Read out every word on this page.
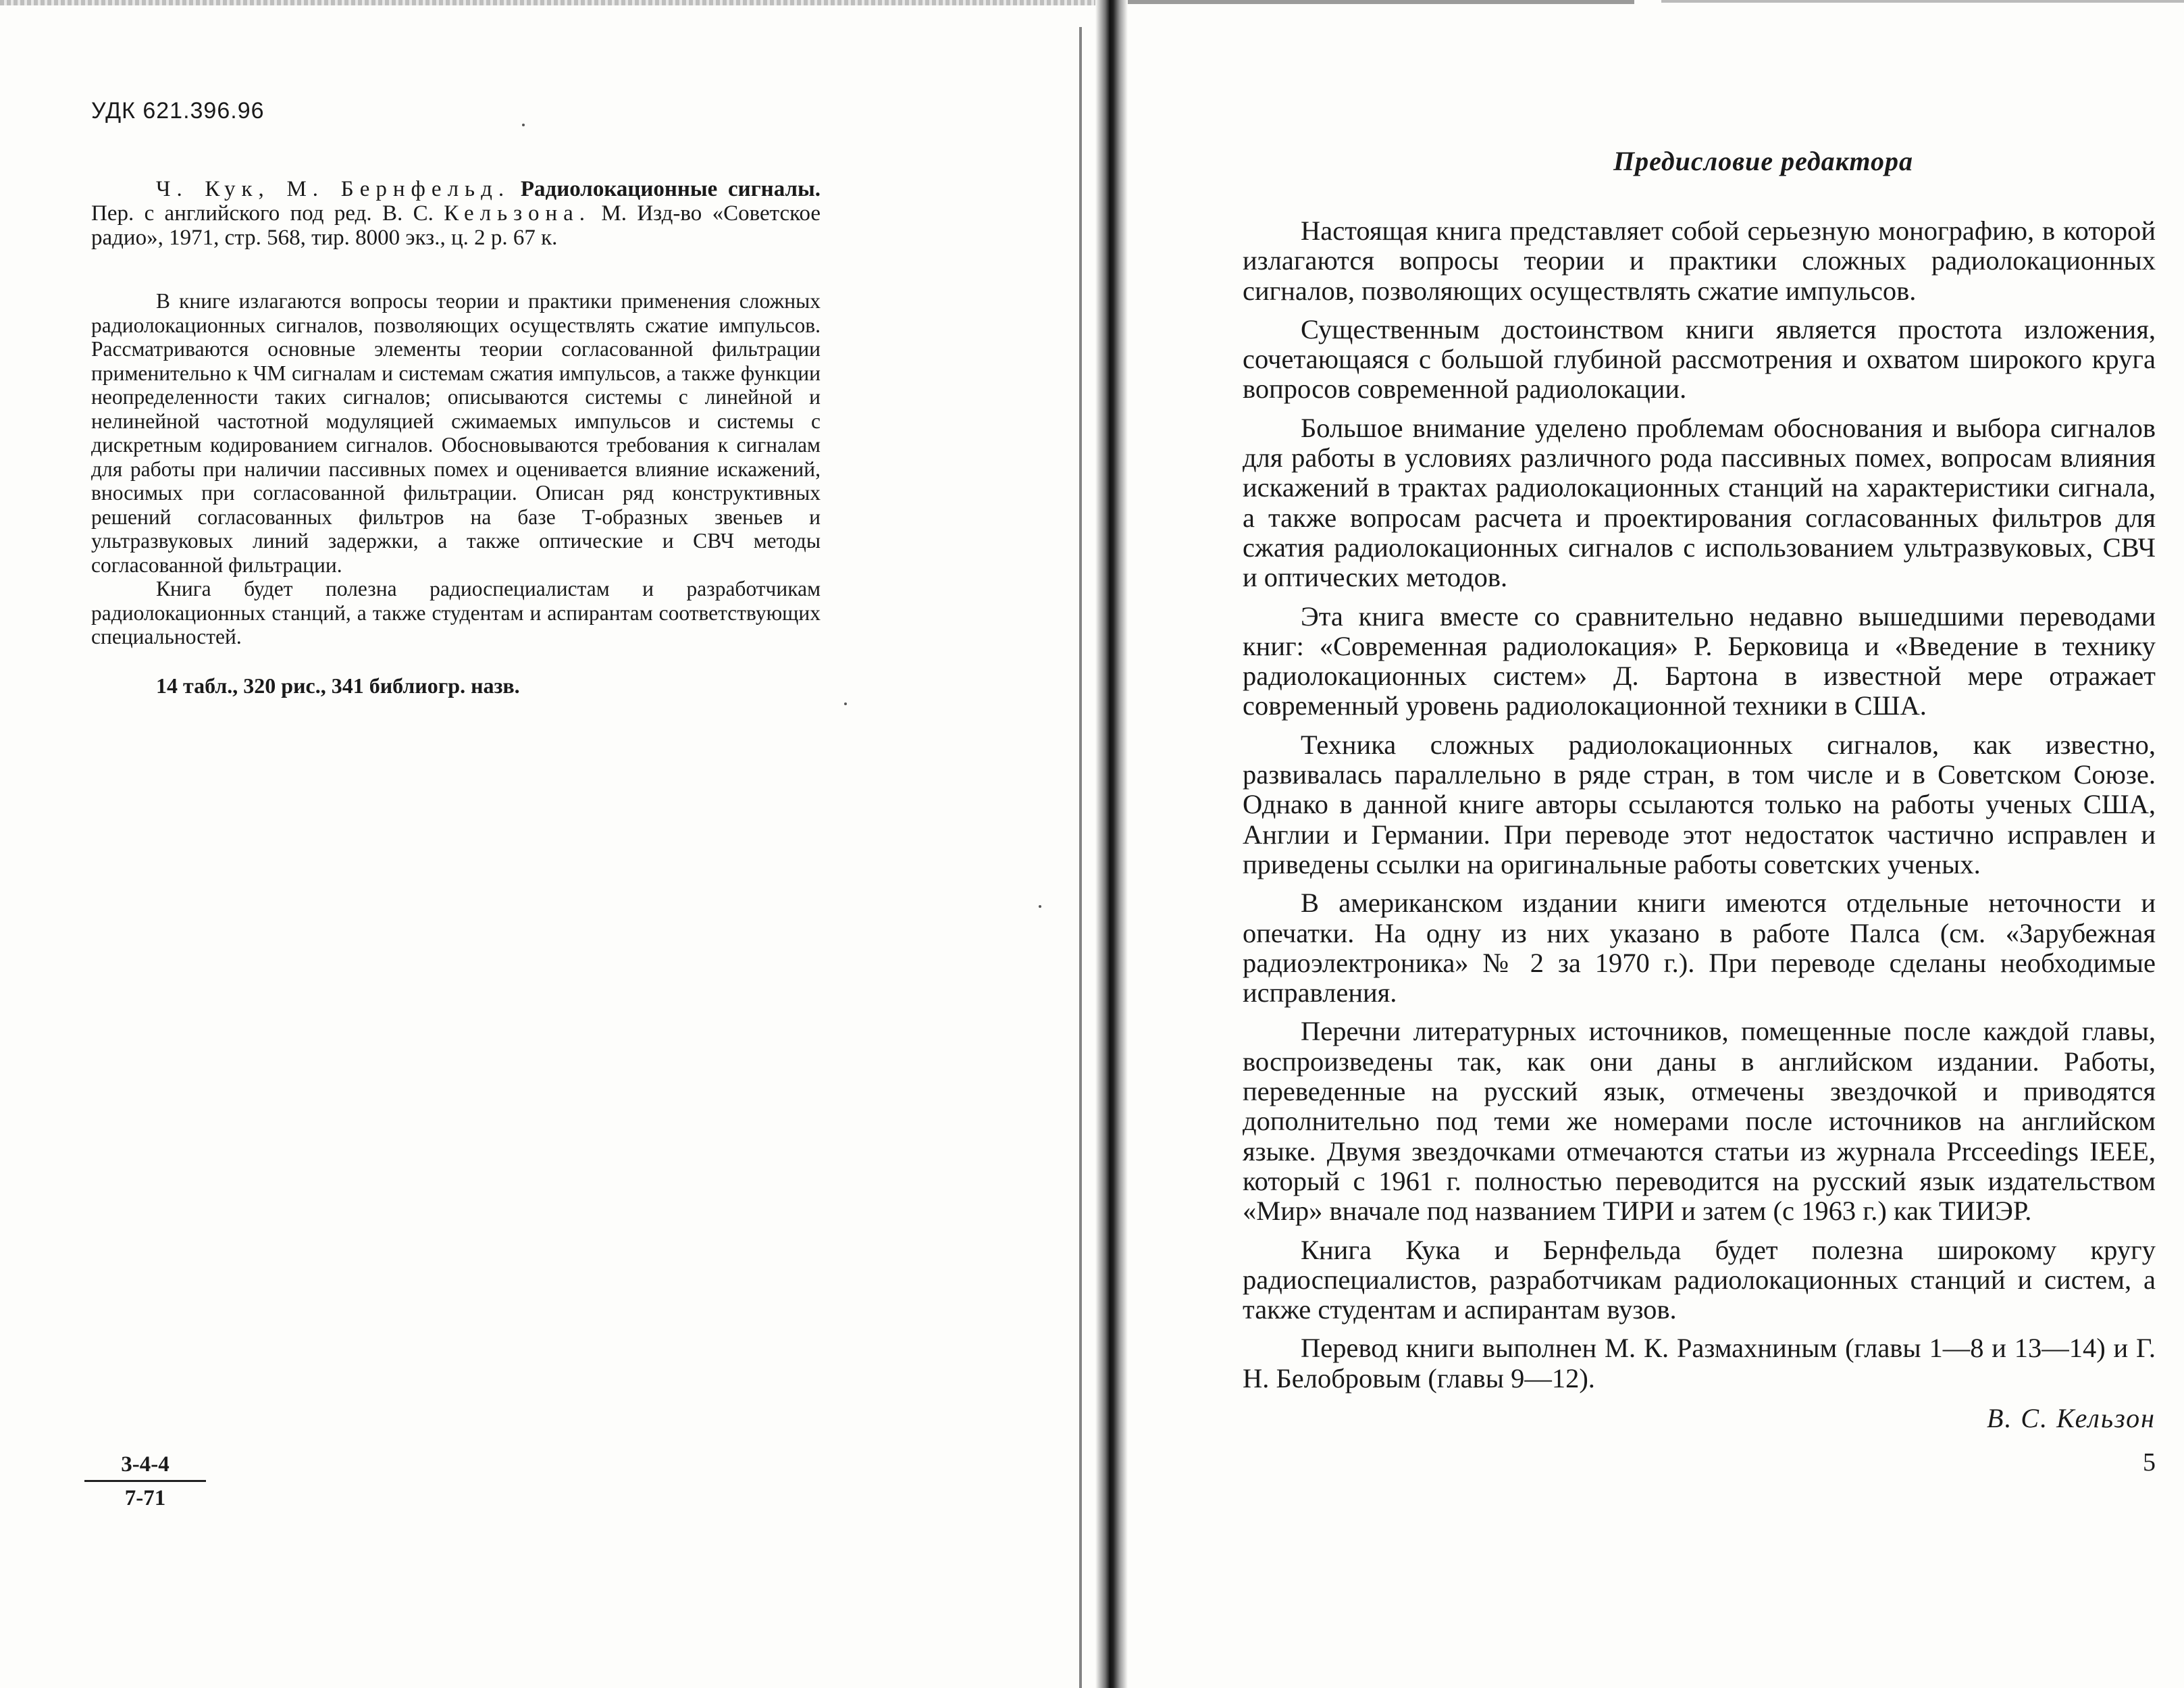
УДК 621.396.96

Ч. Кук, М. Бернфельд. Радиолокационные сигналы. Пер. с английского под ред. В. С. Кельзона. М. Изд-во «Советское радио», 1971, стр. 568, тир. 8000 экз., ц. 2 р. 67 к.

В книге излагаются вопросы теории и практики применения сложных радиолокационных сигналов, позволяющих осуществлять сжатие импульсов. Рассматриваются основные элементы теории согласованной фильтрации применительно к ЧМ сигналам и системам сжатия импульсов, а также функции неопределенности таких сигналов; описываются системы с линейной и нелинейной частотной модуляцией сжимаемых импульсов и системы с дискретным кодированием сигналов. Обосновываются требования к сигналам для работы при наличии пассивных помех и оценивается влияние искажений, вносимых при согласованной фильтрации. Описан ряд конструктивных решений согласованных фильтров на базе Т-образных звеньев и ультразвуковых линий задержки, а также оптические и СВЧ методы согласованной фильтрации.

Книга будет полезна радиоспециалистам и разработчикам радиолокационных станций, а также студентам и аспирантам соответствующих специальностей.

14 табл., 320 рис., 341 библиогр. назв.

3-4-4
7-71

Предисловие редактора

Настоящая книга представляет собой серьезную монографию, в которой излагаются вопросы теории и практики сложных радиолокационных сигналов, позволяющих осуществлять сжатие импульсов.

Существенным достоинством книги является простота изложения, сочетающаяся с большой глубиной рассмотрения и охватом широкого круга вопросов современной радиолокации.

Большое внимание уделено проблемам обоснования и выбора сигналов для работы в условиях различного рода пассивных помех, вопросам влияния искажений в трактах радиолокационных станций на характеристики сигнала, а также вопросам расчета и проектирования согласованных фильтров для сжатия радиолокационных сигналов с использованием ультразвуковых, СВЧ и оптических методов.

Эта книга вместе со сравнительно недавно вышедшими переводами книг: «Современная радиолокация» Р. Берковица и «Введение в технику радиолокационных систем» Д. Бартона в известной мере отражает современный уровень радиолокационной техники в США.

Техника сложных радиолокационных сигналов, как известно, развивалась параллельно в ряде стран, в том числе и в Советском Союзе. Однако в данной книге авторы ссылаются только на работы ученых США, Англии и Германии. При переводе этот недостаток частично исправлен и приведены ссылки на оригинальные работы советских ученых.

В американском издании книги имеются отдельные неточности и опечатки. На одну из них указано в работе Палса (см. «Зарубежная радиоэлектроника» № 2 за 1970 г.). При переводе сделаны необходимые исправления.

Перечни литературных источников, помещенные после каждой главы, воспроизведены так, как они даны в английском издании. Работы, переведенные на русский язык, отмечены звездочкой и приводятся дополнительно под теми же номерами после источников на английском языке. Двумя звездочками отмечаются статьи из журнала Prcceedings IEEE, который с 1961 г. полностью переводится на русский язык издательством «Мир» вначале под названием ТИРИ и затем (с 1963 г.) как ТИИЭР.

Книга Кука и Бернфельда будет полезна широкому кругу радиоспециалистов, разработчикам радиолокационных станций и систем, а также студентам и аспирантам вузов.

Перевод книги выполнен М. К. Размахниным (главы 1—8 и 13—14) и Г. Н. Белобровым (главы 9—12).

В. С. Кельзон

5
